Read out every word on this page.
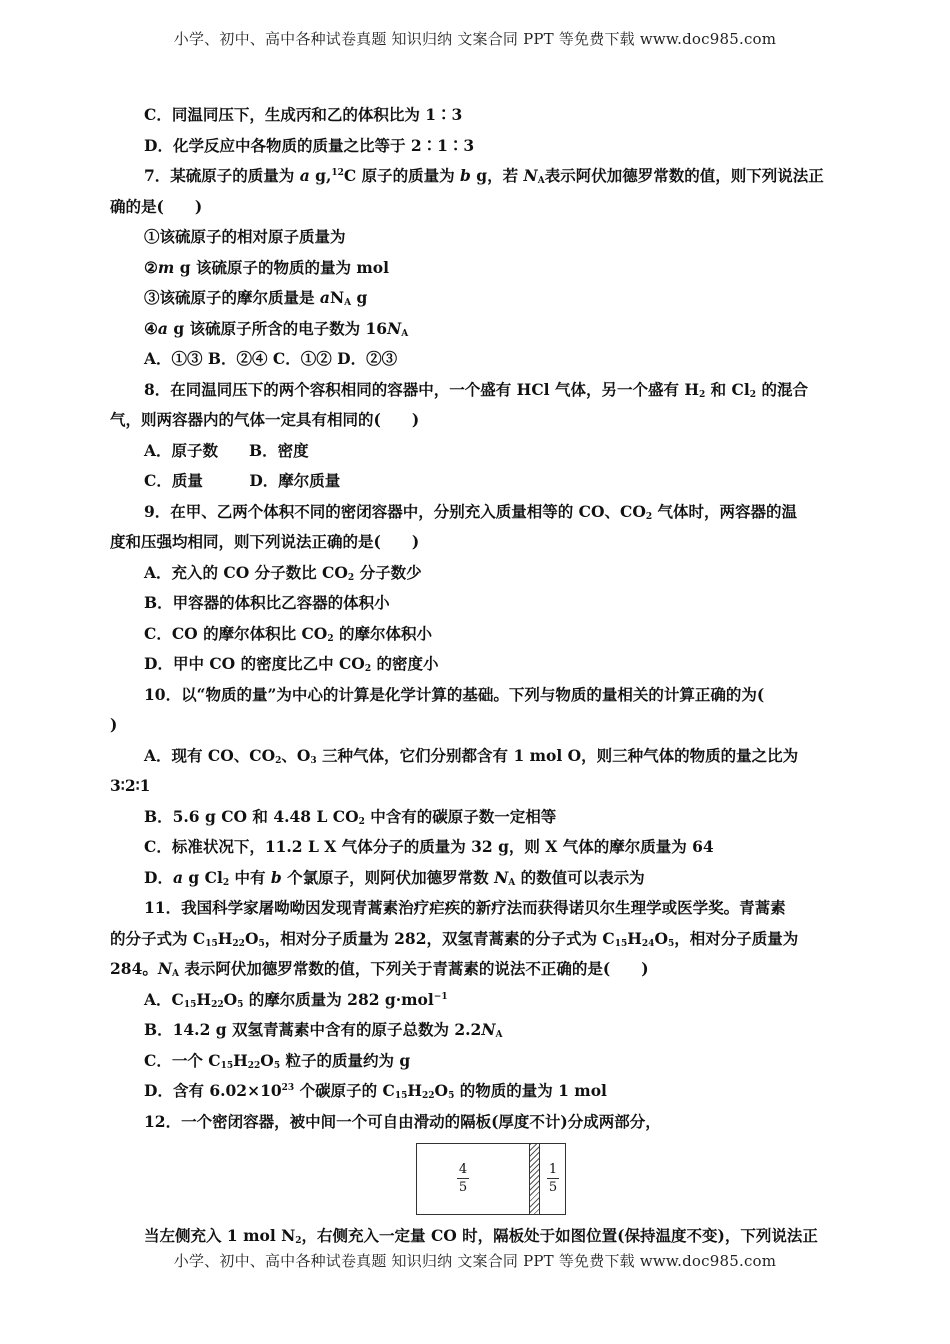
小学、初中、高中各种试卷真题 知识归纳 文案合同 PPT 等免费下载 www.doc985.com
C．同温同压下，生成丙和乙的体积比为 1∶3
D．化学反应中各物质的质量之比等于 2∶1∶3
7．某硫原子的质量为 a g,$^{12}$C 原子的质量为 b g，若 $N_A$表示阿伏加德罗常数的值，则下列说法正
确的是(　　)
①该硫原子的相对原子质量为
②m g 该硫原子的物质的量为 mol
③该硫原子的摩尔质量是 $aN_A$ g
④a g 该硫原子所含的电子数为 $16N_A$
A．①③ B．②④ C．①② D．②③
8．在同温同压下的两个容积相同的容器中，一个盛有 HCl 气体，另一个盛有 $H_2$ 和 $Cl_2$ 的混合
气，则两容器内的气体一定具有相同的(　　)
A．原子数　　B．密度
C．质量　　　D．摩尔质量
9．在甲、乙两个体积不同的密闭容器中，分别充入质量相等的 CO、$CO_2$ 气体时，两容器的温
度和压强均相同，则下列说法正确的是(　　)
A．充入的 CO 分子数比 $CO_2$ 分子数少
B．甲容器的体积比乙容器的体积小
C．CO 的摩尔体积比 $CO_2$ 的摩尔体积小
D．甲中 CO 的密度比乙中 $CO_2$ 的密度小
10．以“物质的量”为中心的计算是化学计算的基础。下列与物质的量相关的计算正确的为(
)
A．现有 CO、$CO_2$、$O_3$ 三种气体，它们分别都含有 1 mol O，则三种气体的物质的量之比为
3∶2∶1
B．5.6 g CO 和 4.48 L $CO_2$ 中含有的碳原子数一定相等
C．标准状况下，11.2 L X 气体分子的质量为 32 g，则 X 气体的摩尔质量为 64
D．a g $Cl_2$ 中有 b 个氯原子，则阿伏加德罗常数 $N_A$ 的数值可以表示为
11．我国科学家屠呦呦因发现青蒿素治疗疟疾的新疗法而获得诺贝尔生理学或医学奖。青蒿素
的分子式为 $C_{15}H_{22}O_5$，相对分子质量为 282，双氢青蒿素的分子式为 $C_{15}H_{24}O_5$，相对分子质量为
284。$N_A$ 表示阿伏加德罗常数的值，下列关于青蒿素的说法不正确的是(　　)
A．$C_{15}H_{22}O_5$ 的摩尔质量为 282 g·mol$^{-1}$
B．14.2 g 双氢青蒿素中含有的原子总数为 $2.2N_A$
C．一个 $C_{15}H_{22}O_5$ 粒子的质量约为 g
D．含有 $6.02\times 10^{23}$ 个碳原子的 $C_{15}H_{22}O_5$ 的物质的量为 1 mol
12．一个密闭容器，被中间一个可自由滑动的隔板(厚度不计)分成两部分，
4
5
1
5
当左侧充入 1 mol $N_2$，右侧充入一定量 CO 时，隔板处于如图位置(保持温度不变)，下列说法正
小学、初中、高中各种试卷真题 知识归纳 文案合同 PPT 等免费下载 www.doc985.com
